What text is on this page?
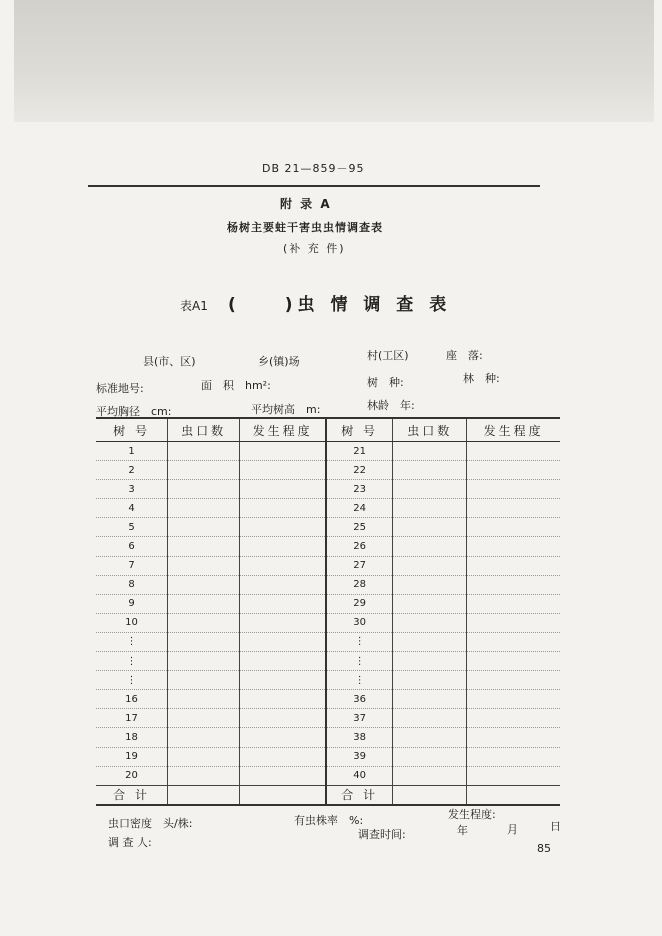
DB 21—859－95
附 录 A
杨树主要蛀干害虫虫情调查表
(补 充 件)
表A1 (　　)虫 情 调 查 表
县(市、区)	乡(镇)场	村(工区)	座　落:
标准地号:	面　积　hm²:	树　种:	林　种:
平均胸径　cm:	平均树高　m:	林龄　年:
树 号	虫口数	发生程度	树 号	虫口数	发生程度
1			21		
2			22		
3			23		
4			24		
5			25		
6			26		
7			27		
8			28		
9			29		
10			30		
⋮			⋮		
⋮			⋮		
⋮			⋮		
16			36		
17			37		
18			38		
19			39		
20			40		
合 计			合 计		
虫口密度　头/株:	有虫株率　%:	发生程度:
调 查 人:
调查时间:	年	月	日
85
